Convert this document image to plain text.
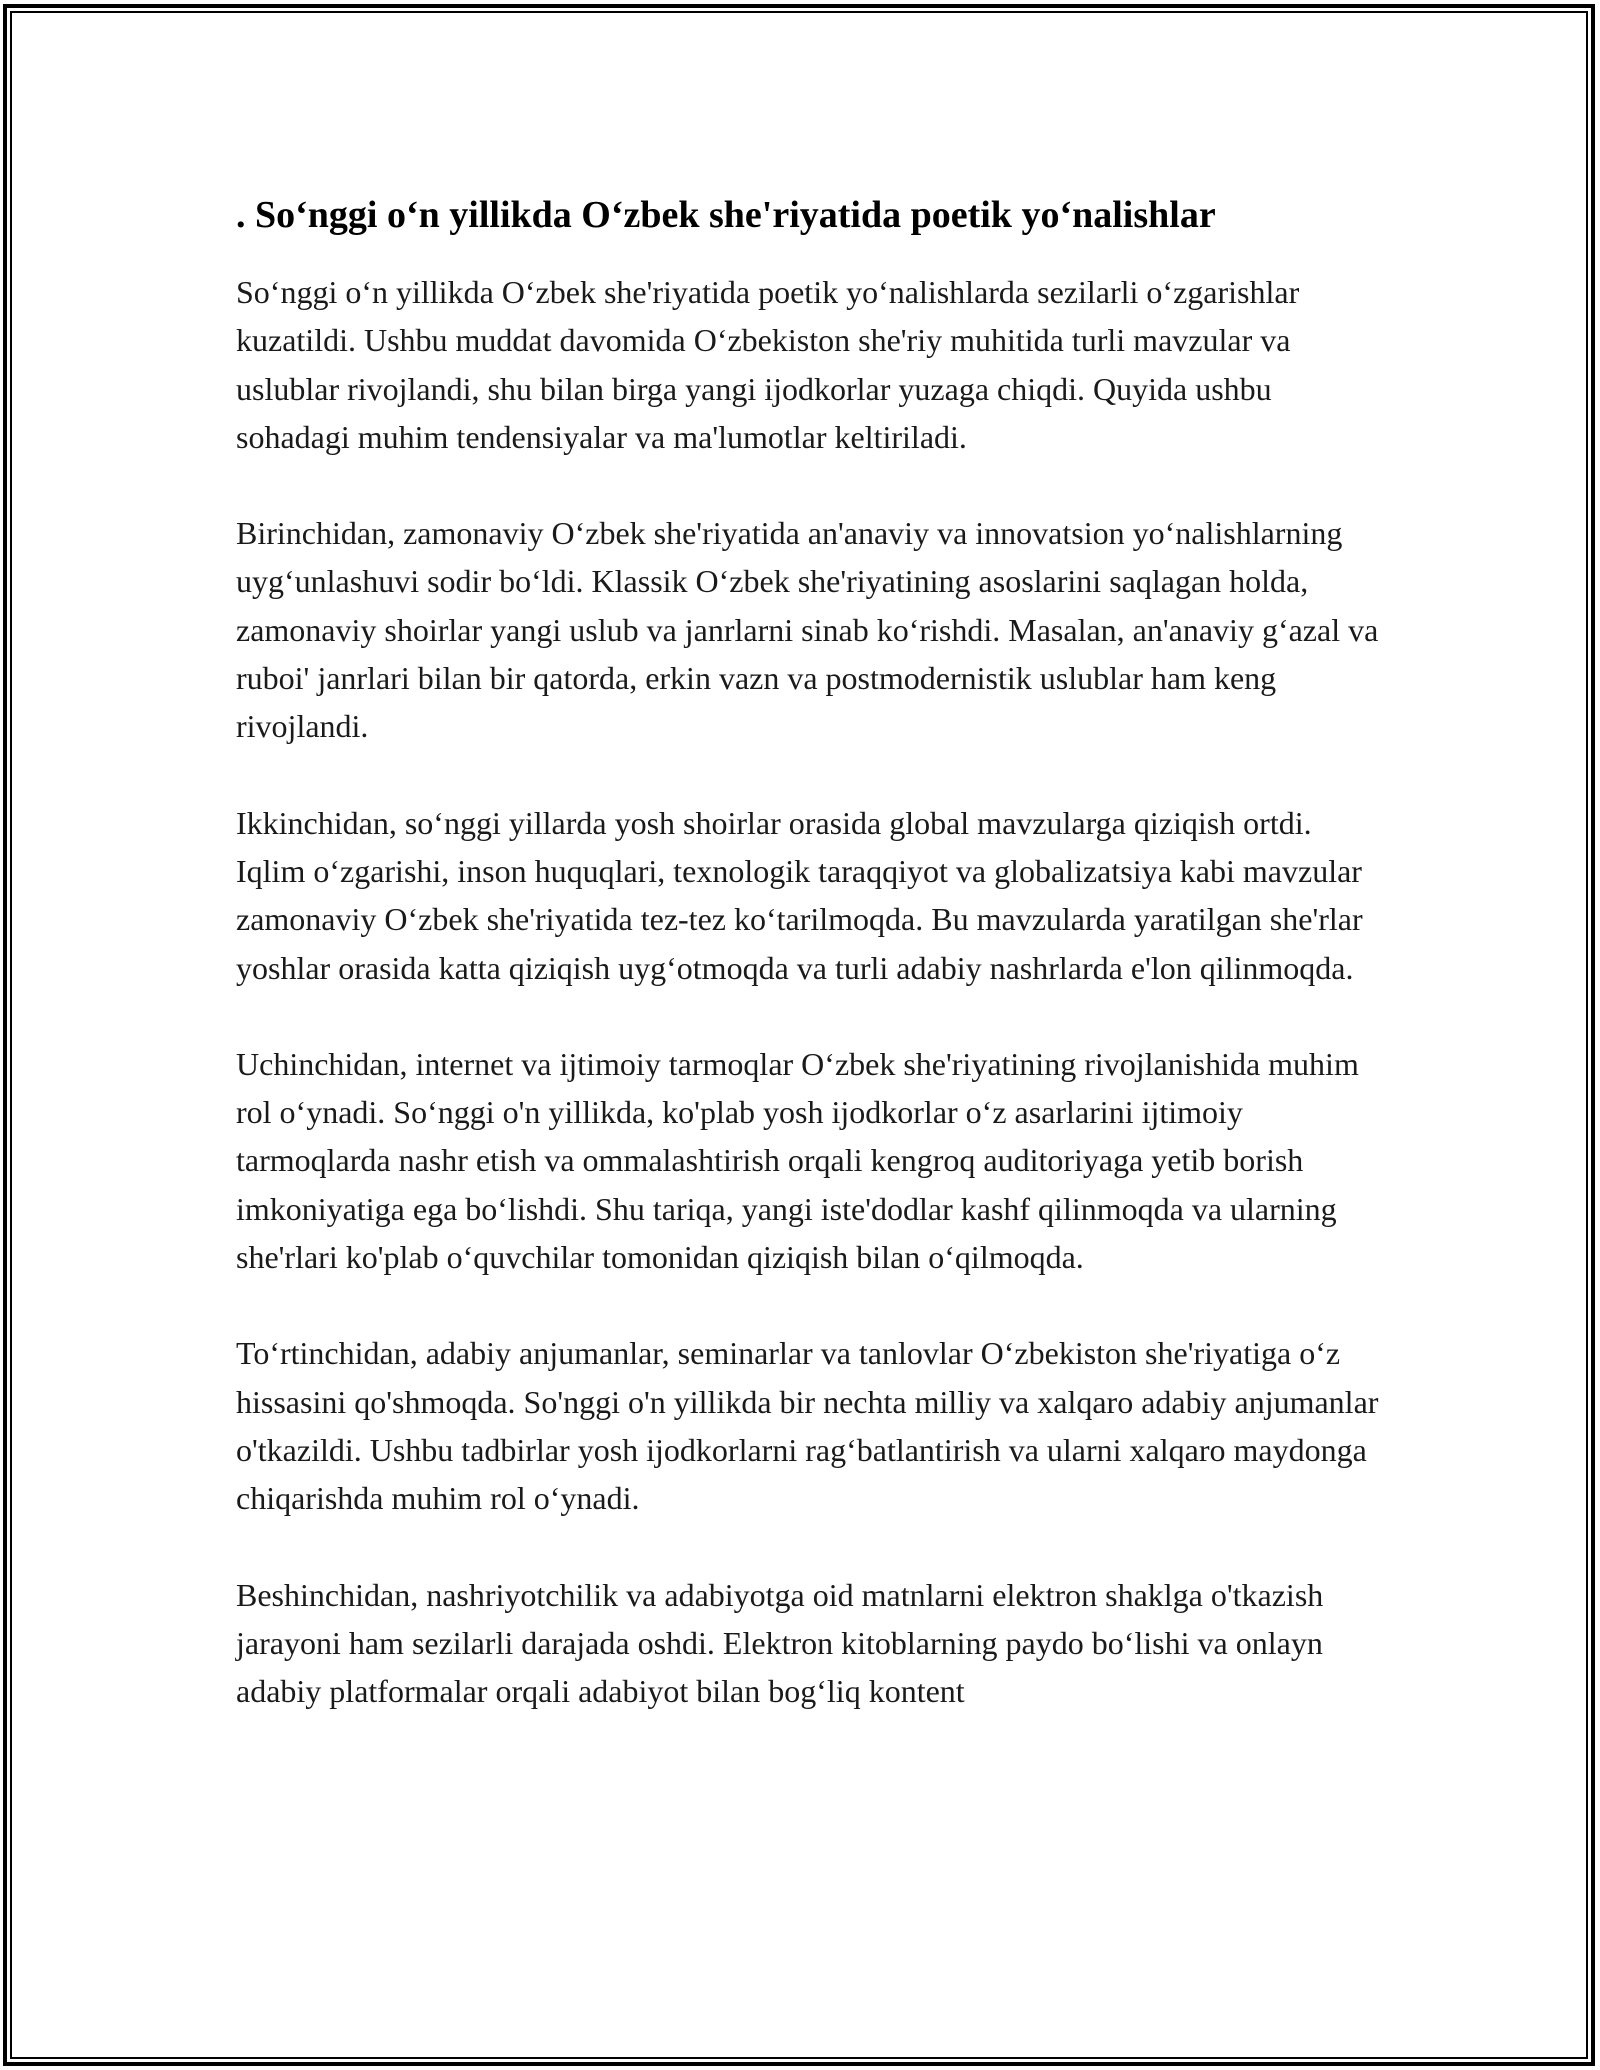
. So‘nggi o‘n yillikda O‘zbek she'riyatida poetik yo‘nalishlar

So‘nggi o‘n yillikda O‘zbek she'riyatida poetik yo‘nalishlarda sezilarli o‘zgarishlar kuzatildi. Ushbu muddat davomida O‘zbekiston she'riy muhitida turli mavzular va uslublar rivojlandi, shu bilan birga yangi ijodkorlar yuzaga chiqdi. Quyida ushbu sohadagi muhim tendensiyalar va ma'lumotlar keltiriladi.

Birinchidan, zamonaviy O‘zbek she'riyatida an'anaviy va innovatsion yo‘nalishlarning uyg‘unlashuvi sodir bo‘ldi. Klassik O‘zbek she'riyatining asoslarini saqlagan holda, zamonaviy shoirlar yangi uslub va janrlarni sinab ko‘rishdi. Masalan, an'anaviy g‘azal va ruboi' janrlari bilan bir qatorda, erkin vazn va postmodernistik uslublar ham keng rivojlandi.

Ikkinchidan, so‘nggi yillarda yosh shoirlar orasida global mavzularga qiziqish ortdi. Iqlim o‘zgarishi, inson huquqlari, texnologik taraqqiyot va globalizatsiya kabi mavzular zamonaviy O‘zbek she'riyatida tez-tez ko‘tarilmoqda. Bu mavzularda yaratilgan she'rlar yoshlar orasida katta qiziqish uyg‘otmoqda va turli adabiy nashrlarda e'lon qilinmoqda.

Uchinchidan, internet va ijtimoiy tarmoqlar O‘zbek she'riyatining rivojlanishida muhim rol o‘ynadi. So‘nggi o'n yillikda, ko'plab yosh ijodkorlar o‘z asarlarini ijtimoiy tarmoqlarda nashr etish va ommalashtirish orqali kengroq auditoriyaga yetib borish imkoniyatiga ega bo‘lishdi. Shu tariqa, yangi iste'dodlar kashf qilinmoqda va ularning she'rlari ko'plab o‘quvchilar tomonidan qiziqish bilan o‘qilmoqda.

To‘rtinchidan, adabiy anjumanlar, seminarlar va tanlovlar O‘zbekiston she'riyatiga o‘z hissasini qo'shmoqda. So'nggi o'n yillikda bir nechta milliy va xalqaro adabiy anjumanlar o'tkazildi. Ushbu tadbirlar yosh ijodkorlarni rag‘batlantirish va ularni xalqaro maydonga chiqarishda muhim rol o‘ynadi.

Beshinchidan, nashriyotchilik va adabiyotga oid matnlarni elektron shaklga o'tkazish jarayoni ham sezilarli darajada oshdi. Elektron kitoblarning paydo bo‘lishi va onlayn adabiy platformalar orqali adabiyot bilan bog‘liq kontent
